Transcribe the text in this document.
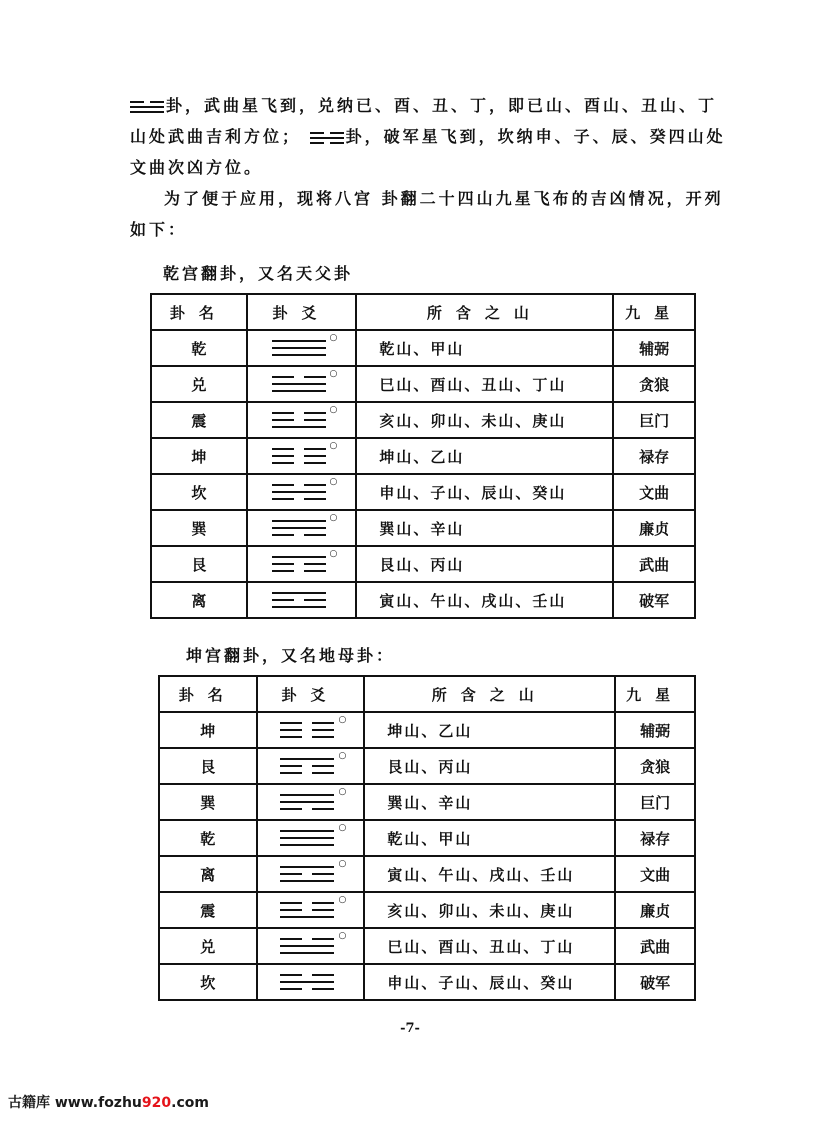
卦，武曲星飞到，兑纳已、酉、丑、丁，即已山、酉山、丑山、丁山处武曲吉利方位；	卦，破军星飞到，坎纳申、子、辰、癸四山处文曲次凶方位。

为了便于应用，现将八宫 卦翻二十四山九星飞布的吉凶情况，开列如下：

乾宫翻卦，又名天父卦

卦名	卦爻	所含之山	九星
乾	○	乾山、甲山	辅弼
兑	○	巳山、酉山、丑山、丁山	贪狼
震	○	亥山、卯山、未山、庚山	巨门
坤	○	坤山、乙山	禄存
坎	○	申山、子山、辰山、癸山	文曲
巽	○	巽山、辛山	廉贞
艮	○	艮山、丙山	武曲
离		寅山、午山、戌山、壬山	破军

坤宫翻卦，又名地母卦：

卦名	卦爻	所含之山	九星
坤	○	坤山、乙山	辅弼
艮	○	艮山、丙山	贪狼
巽	○	巽山、辛山	巨门
乾	○	乾山、甲山	禄存
离	○	寅山、午山、戌山、壬山	文曲
震	○	亥山、卯山、未山、庚山	廉贞
兑	○	巳山、酉山、丑山、丁山	武曲
坎		申山、子山、辰山、癸山	破军
-7-
古籍库 www.fozhu920.com
